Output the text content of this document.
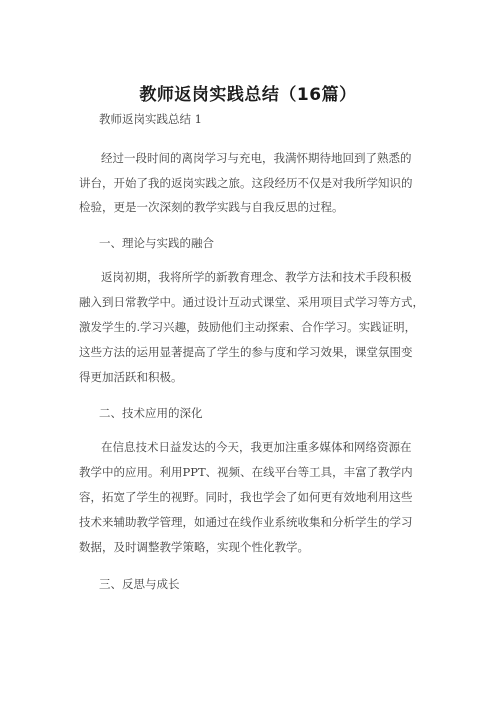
教师返岗实践总结（16篇）
教师返岗实践总结 1
经过一段时间的离岗学习与充电，我满怀期待地回到了熟悉的
讲台，开始了我的返岗实践之旅。这段经历不仅是对我所学知识的
检验，更是一次深刻的教学实践与自我反思的过程。
一、理论与实践的融合
返岗初期，我将所学的新教育理念、教学方法和技术手段积极
融入到日常教学中。通过设计互动式课堂、采用项目式学习等方式，
激发学生的.学习兴趣，鼓励他们主动探索、合作学习。实践证明，
这些方法的运用显著提高了学生的参与度和学习效果，课堂氛围变
得更加活跃和积极。
二、技术应用的深化
在信息技术日益发达的今天，我更加注重多媒体和网络资源在
教学中的应用。利用PPT、视频、在线平台等工具，丰富了教学内
容，拓宽了学生的视野。同时，我也学会了如何更有效地利用这些
技术来辅助教学管理，如通过在线作业系统收集和分析学生的学习
数据，及时调整教学策略，实现个性化教学。
三、反思与成长
